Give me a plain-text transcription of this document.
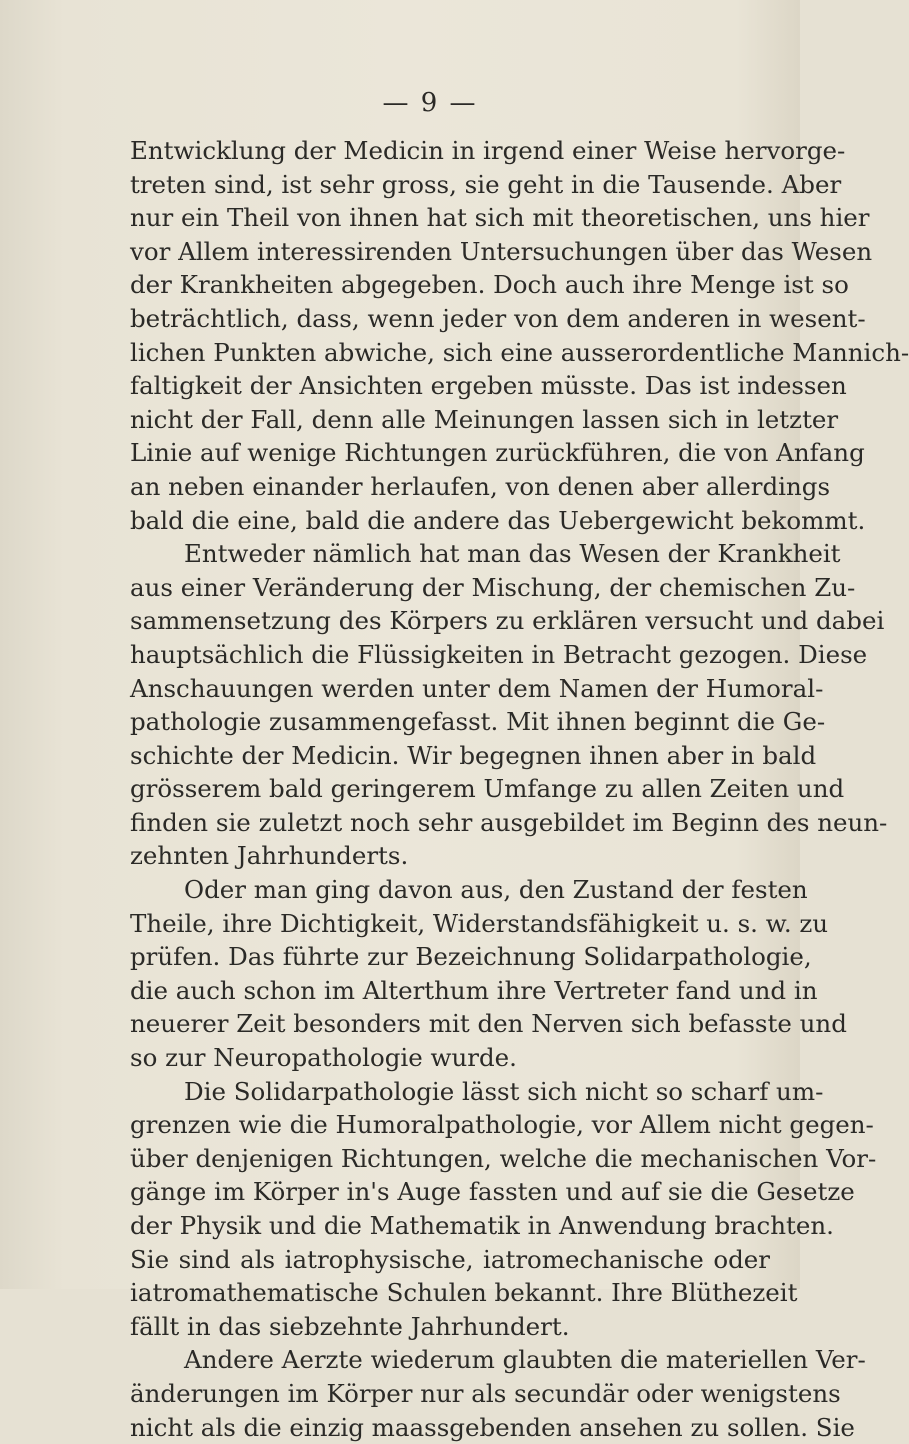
— 9 —
Entwicklung der Medicin in irgend einer Weise hervorge-
treten sind, ist sehr gross, sie geht in die Tausende. Aber
nur ein Theil von ihnen hat sich mit theoretischen, uns hier
vor Allem interessirenden Untersuchungen über das Wesen
der Krankheiten abgegeben. Doch auch ihre Menge ist so
beträchtlich, dass, wenn jeder von dem anderen in wesent-
lichen Punkten abwiche, sich eine ausserordentliche Mannich-
faltigkeit der Ansichten ergeben müsste. Das ist indessen
nicht der Fall, denn alle Meinungen lassen sich in letzter
Linie auf wenige Richtungen zurückführen, die von Anfang
an neben einander herlaufen, von denen aber allerdings
bald die eine, bald die andere das Uebergewicht bekommt.
Entweder nämlich hat man das Wesen der Krankheit
aus einer Veränderung der Mischung, der chemischen Zu-
sammensetzung des Körpers zu erklären versucht und dabei
hauptsächlich die Flüssigkeiten in Betracht gezogen. Diese
Anschauungen werden unter dem Namen der Humoral-
pathologie zusammengefasst. Mit ihnen beginnt die Ge-
schichte der Medicin. Wir begegnen ihnen aber in bald
grösserem bald geringerem Umfange zu allen Zeiten und
finden sie zuletzt noch sehr ausgebildet im Beginn des neun-
zehnten Jahrhunderts.
Oder man ging davon aus, den Zustand der festen
Theile, ihre Dichtigkeit, Widerstandsfähigkeit u. s. w. zu
prüfen. Das führte zur Bezeichnung Solidarpathologie,
die auch schon im Alterthum ihre Vertreter fand und in
neuerer Zeit besonders mit den Nerven sich befasste und
so zur Neuropathologie wurde.
Die Solidarpathologie lässt sich nicht so scharf um-
grenzen wie die Humoralpathologie, vor Allem nicht gegen-
über denjenigen Richtungen, welche die mechanischen Vor-
gänge im Körper in's Auge fassten und auf sie die Gesetze
der Physik und die Mathematik in Anwendung brachten.
Sie sind als iatrophysische, iatromechanische oder
iatromathematische Schulen bekannt. Ihre Blüthezeit
fällt in das siebzehnte Jahrhundert.
Andere Aerzte wiederum glaubten die materiellen Ver-
änderungen im Körper nur als secundär oder wenigstens
nicht als die einzig maassgebenden ansehen zu sollen. Sie
